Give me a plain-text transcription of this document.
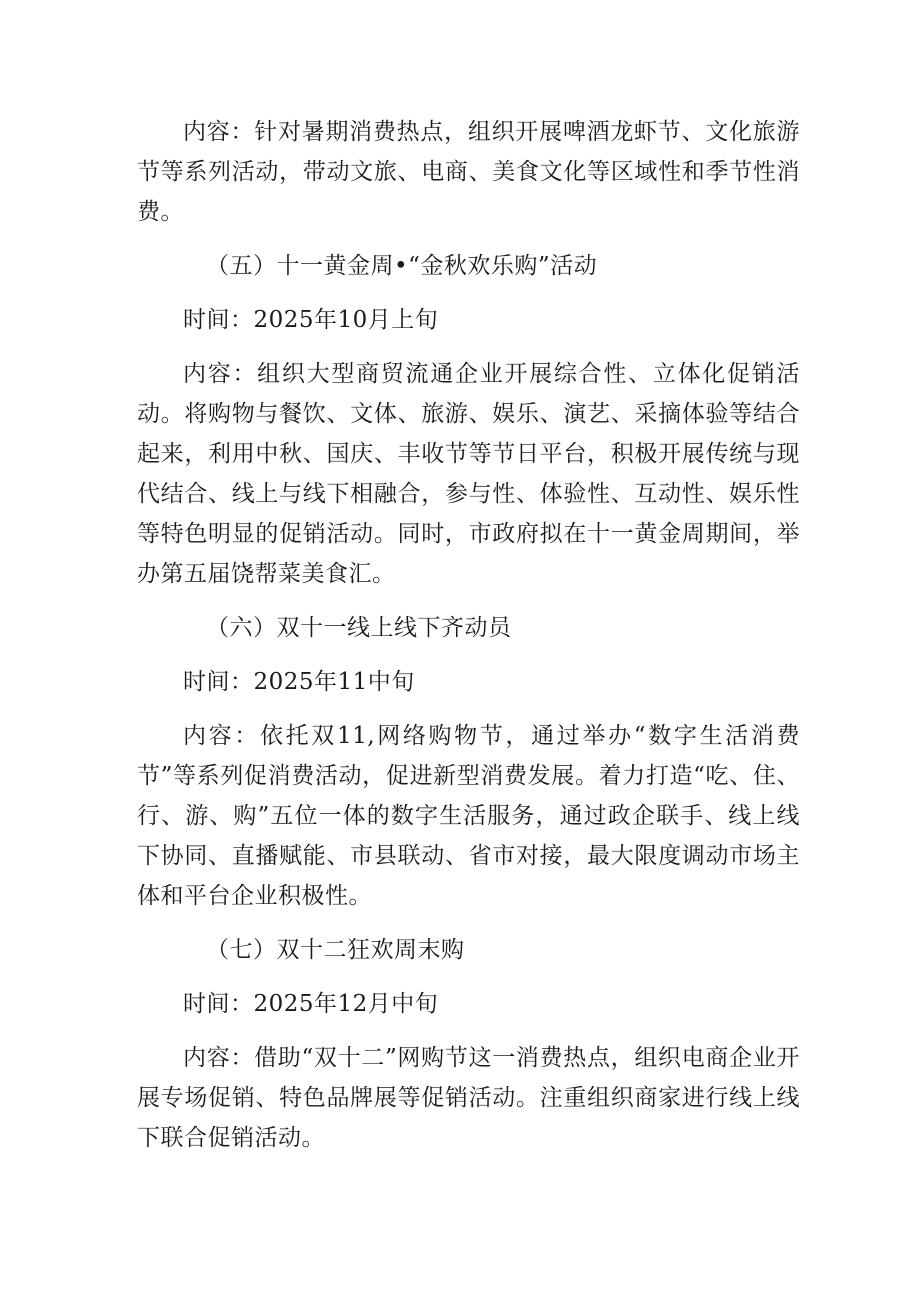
内容：针对暑期消费热点，组织开展啤酒龙虾节、文化旅游节等系列活动，带动文旅、电商、美食文化等区域性和季节性消费。

（五）十一黄金周•“金秋欢乐购”活动

时间：2025年10月上旬

内容：组织大型商贸流通企业开展综合性、立体化促销活动。将购物与餐饮、文体、旅游、娱乐、演艺、采摘体验等结合起来，利用中秋、国庆、丰收节等节日平台，积极开展传统与现代结合、线上与线下相融合，参与性、体验性、互动性、娱乐性等特色明显的促销活动。同时，市政府拟在十一黄金周期间，举办第五届饶帮菜美食汇。

（六）双十一线上线下齐动员

时间：2025年11中旬

内容：依托双11,网络购物节，通过举办“数字生活消费节”等系列促消费活动，促进新型消费发展。着力打造“吃、住、行、游、购”五位一体的数字生活服务，通过政企联手、线上线下协同、直播赋能、市县联动、省市对接，最大限度调动市场主体和平台企业积极性。

（七）双十二狂欢周末购

时间：2025年12月中旬

内容：借助“双十二”网购节这一消费热点，组织电商企业开展专场促销、特色品牌展等促销活动。注重组织商家进行线上线下联合促销活动。
